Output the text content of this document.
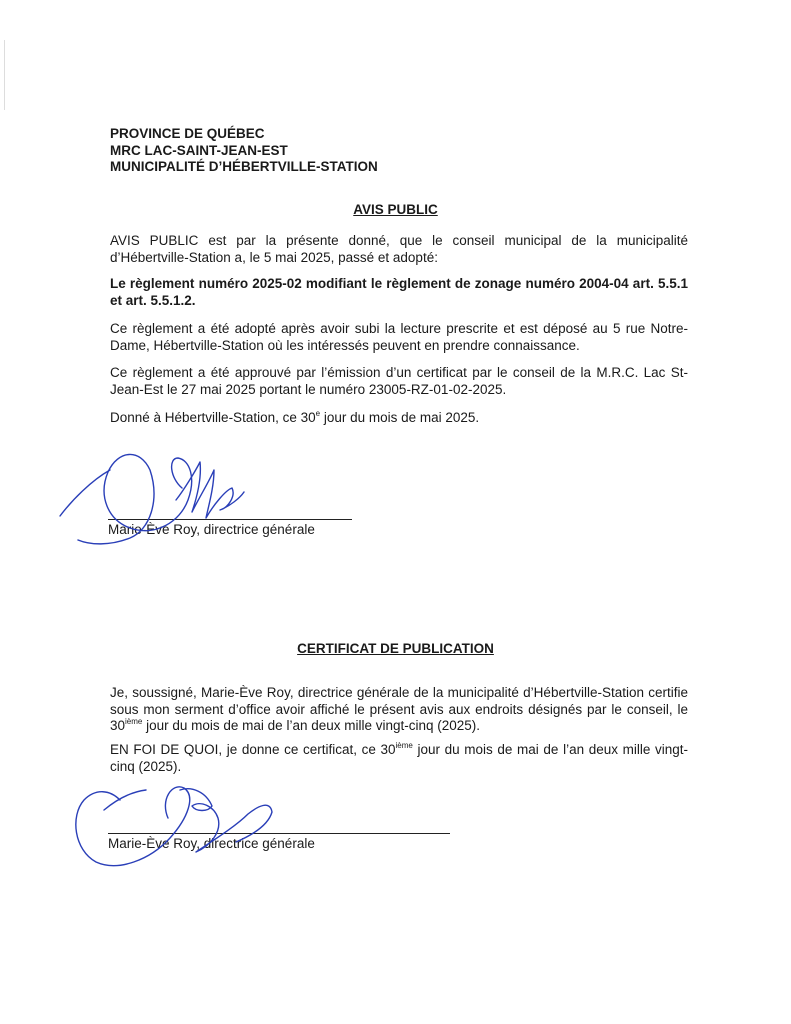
PROVINCE DE QUÉBEC
MRC LAC-SAINT-JEAN-EST
MUNICIPALITÉ D’HÉBERTVILLE-STATION
AVIS PUBLIC
AVIS PUBLIC est par la présente donné, que le conseil municipal de la municipalité d’Hébertville-Station a, le 5 mai 2025, passé et adopté:
Le règlement numéro 2025-02 modifiant le règlement de zonage numéro 2004-04 art. 5.5.1 et art. 5.5.1.2.
Ce règlement a été adopté après avoir subi la lecture prescrite et est déposé au 5 rue Notre-Dame, Hébertville-Station où les intéressés peuvent en prendre connaissance.
Ce règlement a été approuvé par l’émission d’un certificat par le conseil de la M.R.C. Lac St-Jean-Est le 27 mai 2025 portant le numéro 23005-RZ-01-02-2025.
Donné à Hébertville-Station, ce 30e jour du mois de mai 2025.
Marie-Ève Roy, directrice générale
CERTIFICAT DE PUBLICATION
Je, soussigné, Marie-Ève Roy, directrice générale de la municipalité d’Hébertville-Station certifie sous mon serment d’office avoir affiché le présent avis aux endroits désignés par le conseil, le 30ième jour du mois de mai de l’an deux mille vingt-cinq (2025).
EN FOI DE QUOI, je donne ce certificat, ce 30ième jour du mois de mai de l’an deux mille vingt-cinq (2025).
Marie-Ève Roy, directrice générale
